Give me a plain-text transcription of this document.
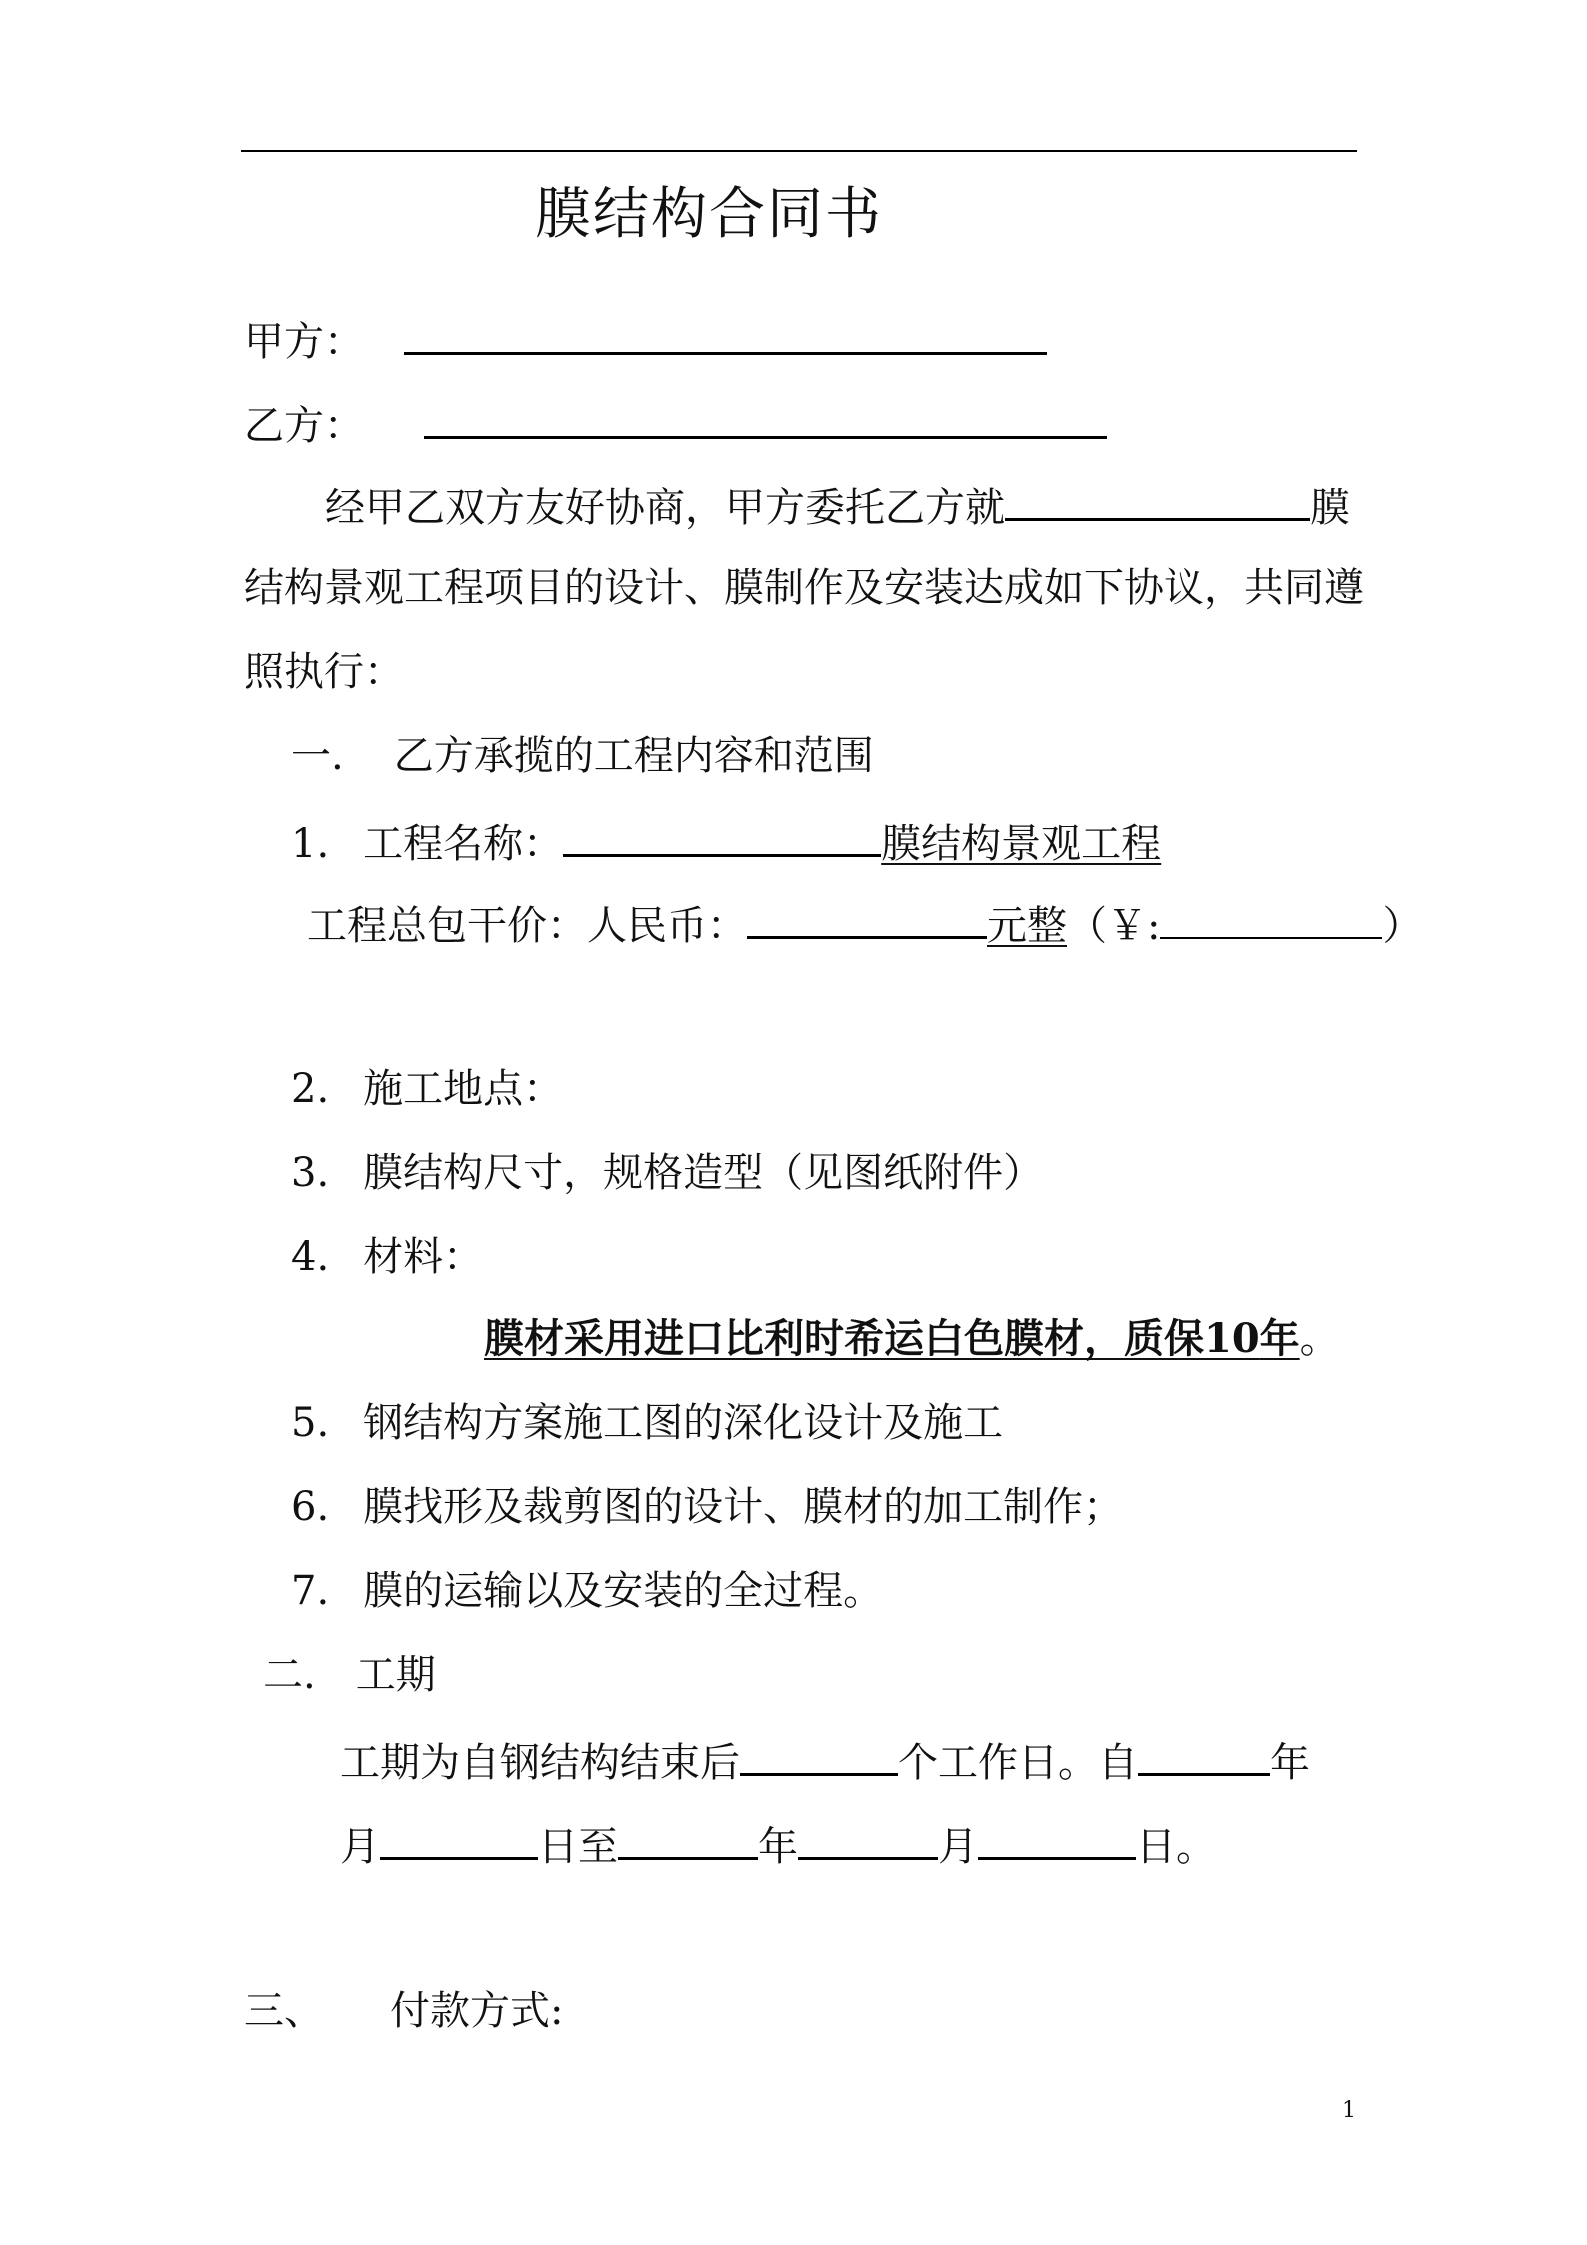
膜结构合同书
甲方：
乙方：
经甲乙双方友好协商，甲方委托乙方就	膜
结构景观工程项目的设计、膜制作及安装达成如下协议，共同遵
照执行：
一. 乙方承揽的工程内容和范围
1. 工程名称：	膜结构景观工程
工程总包干价：人民币：	元整（￥:	）
2. 施工地点：
3. 膜结构尺寸，规格造型（见图纸附件）
4. 材料：
膜材采用进口比利时希运白色膜材，质保10年。
5. 钢结构方案施工图的深化设计及施工
6. 膜找形及裁剪图的设计、膜材的加工制作；
7. 膜的运输以及安装的全过程。
二. 工期
工期为自钢结构结束后	个工作日。自	年
月	日至	年	月	日。
三、 付款方式:
1
